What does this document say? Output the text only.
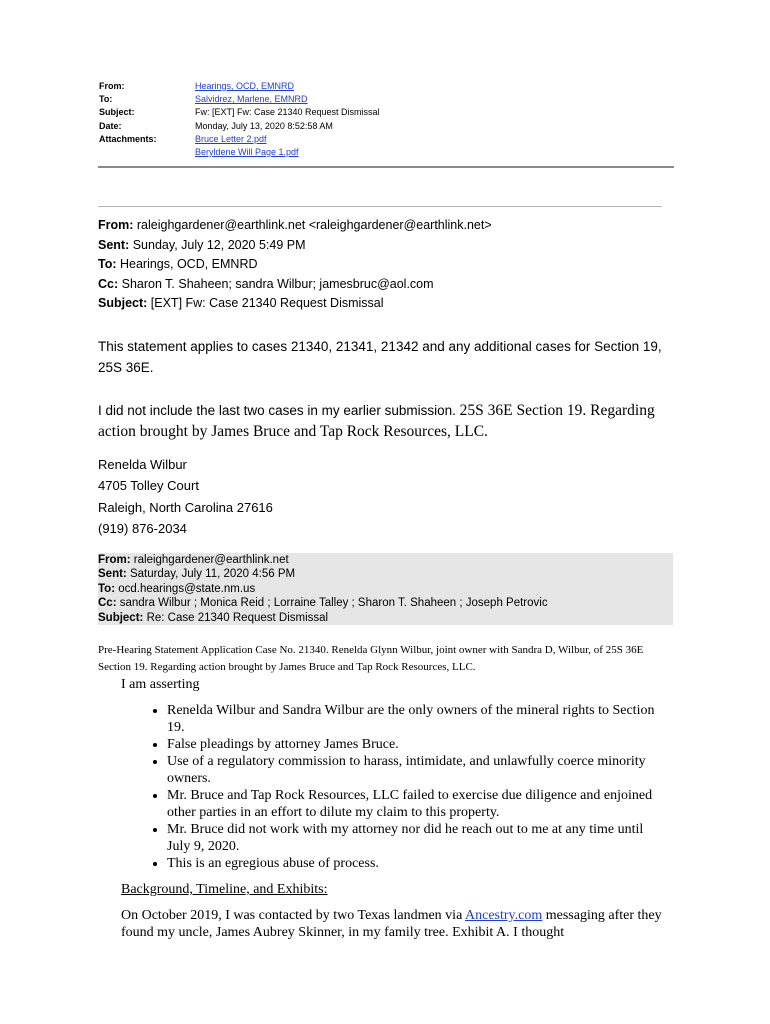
From:	Hearings, OCD, EMNRD
To:	Salvidrez, Marlene, EMNRD
Subject:	Fw: [EXT] Fw: Case 21340 Request Dismissal
Date:	Monday, July 13, 2020 8:52:58 AM
Attachments:	Bruce Letter 2.pdf
Beryldene Will Page 1.pdf
From: raleighgardener@earthlink.net <raleighgardener@earthlink.net>
Sent: Sunday, July 12, 2020 5:49 PM
To: Hearings, OCD, EMNRD
Cc: Sharon T. Shaheen; sandra Wilbur; jamesbruc@aol.com
Subject: [EXT] Fw: Case 21340 Request Dismissal
This statement applies to cases 21340, 21341, 21342 and any additional cases for Section 19, 25S 36E.
I did not include the last two cases in my earlier submission. 25S 36E Section 19. Regarding action brought by James Bruce and Tap Rock Resources, LLC.
Renelda Wilbur
4705 Tolley Court
Raleigh, North Carolina 27616
(919) 876-2034
From: raleighgardener@earthlink.net
Sent: Saturday, July 11, 2020 4:56 PM
To: ocd.hearings@state.nm.us
Cc: sandra Wilbur ; Monica Reid ; Lorraine Talley ; Sharon T. Shaheen ; Joseph Petrovic
Subject: Re: Case 21340 Request Dismissal
Pre-Hearing Statement Application Case No. 21340. Renelda Glynn Wilbur, joint owner with Sandra D, Wilbur, of 25S 36E Section 19. Regarding action brought by James Bruce and Tap Rock Resources, LLC.
I am asserting
• Renelda Wilbur and Sandra Wilbur are the only owners of the mineral rights to Section 19.
• False pleadings by attorney James Bruce.
• Use of a regulatory commission to harass, intimidate, and unlawfully coerce minority owners.
• Mr. Bruce and Tap Rock Resources, LLC failed to exercise due diligence and enjoined other parties in an effort to dilute my claim to this property.
• Mr. Bruce did not work with my attorney nor did he reach out to me at any time until July 9, 2020.
• This is an egregious abuse of process.
Background, Timeline, and Exhibits:
On October 2019, I was contacted by two Texas landmen via Ancestry.com messaging after they found my uncle, James Aubrey Skinner, in my family tree. Exhibit A. I thought
